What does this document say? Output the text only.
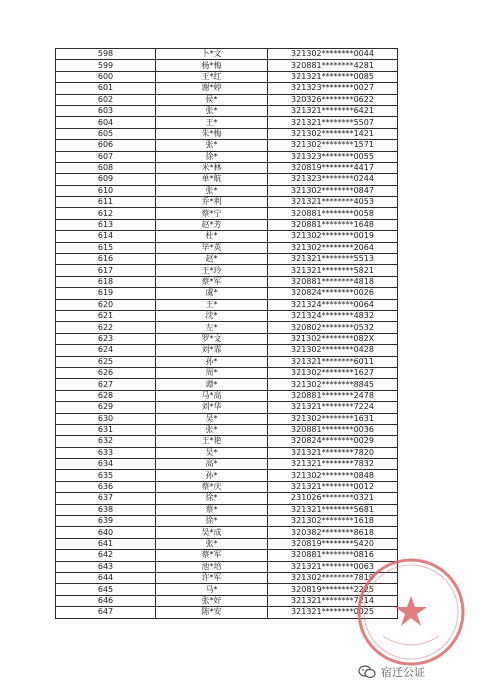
598	卜*文	321302********0044
599	杨*梅	320881********4281
600	王*红	321321********0085
601	谢*婷	321323********0027
602	侯*	320326********0622
603	张*	321321********6421
604	王*	321321********5507
605	朱*梅	321302********1421
606	张*	321302********1571
607	徐*	321323********0055
608	米*林	320819********4417
609	单*航	321323********0244
610	张*	321302********0847
611	乔*利	321321********4053
612	蔡*宁	320881********0058
613	赵*芳	320881********1648
614	杜*	321302********0019
615	毕*英	321302********2064
616	赵*	321321********5513
617	王*玲	321321********5821
618	蔡*军	320881********4818
619	虞*	320824********0026
620	王*	321324********0064
621	沈*	321324********4832
622	左*	320802********0532
623	罗*文	321302********082X
624	刘*霏	321302********0428
625	孙*	321321********6011
626	周*	321302********1627
627	谭*	321302********8845
628	马*高	320881********2478
629	刘*华	321321********7224
630	吴*	321302********1631
631	张*	320881********0036
632	王*艳	320824********0029
633	吴*	321321********7820
634	高*	321321********7832
635	孙*	321302********0848
636	蔡*庆	321321********0012
637	徐*	231026********0321
638	蔡*	321321********5681
639	徐*	321302********1618
640	吴*成	320382********8618
641	张*	320819********5420
642	蔡*军	320881********0816
643	池*培	321321********0063
644	许*军	321302********7819
645	马*	320819********2225
646	张*好	321321********7214
647	陈*安	321321********0025
宿迁公证
